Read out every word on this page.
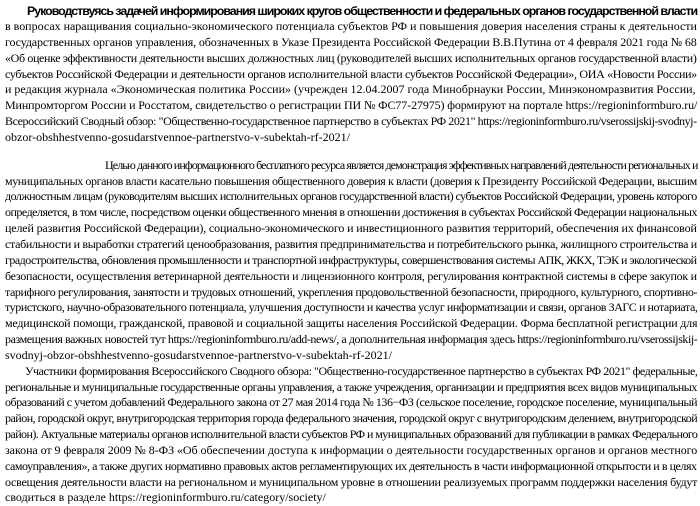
Руководствуясь задачей информирования широких кругов общественности и федеральных органов государственной власти
в вопросах наращивания социально-экономического потенциала субъектов РФ и повышения доверия населения страны к деятельности
государственных органов управления, обозначенных в Указе Президента Российской Федерации В.В.Путина от 4 февраля 2021 года № 68
«Об оценке эффективности деятельности высших должностных лиц (руководителей высших исполнительных органов государственной власти)
субъектов Российской Федерации и деятельности органов исполнительной власти субъектов Российской Федерации», ОИА «Новости России»
и редакция журнала «Экономическая политика России» (учрежден 12.04.2007 года Минобрнауки России, Минэкономразвития России,
Минпромторгом России и Росстатом, свидетельство о регистрации ПИ № ФС77-27975) формируют на портале https://regioninformburo.ru/
Всероссийский Сводный обзор: "Общественно-государственное партнерство в субъектах РФ 2021" https://regioninformburo.ru/vserossijskij-svodnyj-
obzor-obshhestvenno-gosudarstvennoe-partnerstvo-v-subektah-rf-2021/
Целью данного информационного бесплатного ресурса является демонстрация эффективных направлений деятельности региональных и
муниципальных органов власти касательно повышения общественного доверия к власти (доверия к Президенту Российской Федерации, высшим
должностным лицам (руководителям высших исполнительных органов государственной власти) субъектов Российской Федерации, уровень которого
определяется, в том числе, посредством оценки общественного мнения в отношении достижения в субъектах Российской Федерации национальных
целей развития Российской Федерации), социально-экономического и инвестиционного развития территорий, обеспечения их финансовой
стабильности и выработки стратегий ценообразования, развития предпринимательства и потребительского рынка, жилищного строительства и
градостроительства, обновления промышленности и транспортной инфраструктуры, совершенствования системы АПК, ЖКХ, ТЭК и экологической
безопасности, осуществления ветеринарной деятельности и лицензионного контроля, регулирования контрактной системы в сфере закупок и
тарифного регулирования, занятости и трудовых отношений, укрепления продовольственной безопасности, природного, культурного, спортивно-
туристского, научно-образовательного потенциала, улучшения доступности и качества услуг информатизации и связи, органов ЗАГС и нотариата,
медицинской помощи, гражданской, правовой и социальной защиты населения Российской Федерации. Форма бесплатной регистрации для
размещения важных новостей тут https://regioninformburo.ru/add-news/, а дополнительная информация здесь https://regioninformburo.ru/vserossijskij-
svodnyj-obzor-obshhestvenno-gosudarstvennoe-partnerstvo-v-subektah-rf-2021/
Участники формирования Всероссийского Сводного обзора: "Общественно-государственное партнерство в субъектах РФ 2021" федеральные,
региональные и муниципальные государственные органы управления, а также учреждения, организации и предприятия всех видов муниципальных
образований с учетом добавлений Федерального закона от 27 мая 2014 года № 136−ФЗ (сельское поселение, городское поселение, муниципальный
район, городской округ, внутригородская территория города федерального значения, городской округ с внутригородским делением, внутригородской
район). Актуальные материалы органов исполнительной власти субъектов РФ и муниципальных образований для публикации в рамках Федерального
закона от 9 февраля 2009 № 8-ФЗ «Об обеспечении доступа к информации о деятельности государственных органов и органов местного
самоуправления», а также других нормативно правовых актов регламентирующих их деятельность в части информационной открытости и в целях
освещения деятельности власти на региональном и муниципальном уровне в отношении реализуемых программ поддержки населения будут
сводиться в разделе https://regioninformburo.ru/category/society/
